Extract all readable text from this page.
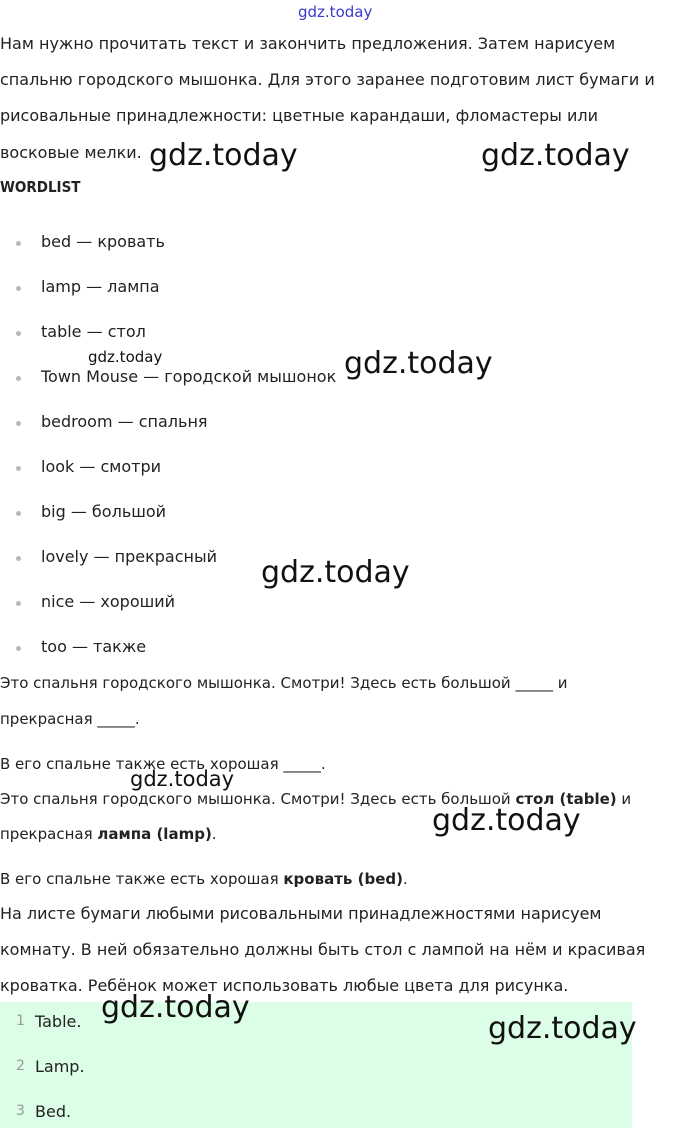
gdz.today
Нам нужно прочитать текст и закончить предложения. Затем нарисуем
спальню городского мышонка. Для этого заранее подготовим лист бумаги и
рисовальные принадлежности: цветные карандаши, фломастеры или
восковые мелки.
WORDLIST
bed — кровать
lamp — лампа
table — стол
Town Mouse — городской мышонок
bedroom — спальня
look — смотри
big — большой
lovely — прекрасный
nice — хороший
too — также
Это спальня городского мышонка. Смотри! Здесь есть большой _____ и
прекрасная _____.
В его спальне также есть хорошая _____.
Это спальня городского мышонка. Смотри! Здесь есть большой стол (table) и
прекрасная лампа (lamp).
В его спальне также есть хорошая кровать (bed).
На листе бумаги любыми рисовальными принадлежностями нарисуем
комнату. В ней обязательно должны быть стол с лампой на нём и красивая
кроватка. Ребёнок может использовать любые цвета для рисунка.
1 Table.
2 Lamp.
3 Bed.
gdz.today	gdz.today
gdz.today	gdz.today
gdz.today
gdz.today
gdz.today
gdz.today
gdz.today
